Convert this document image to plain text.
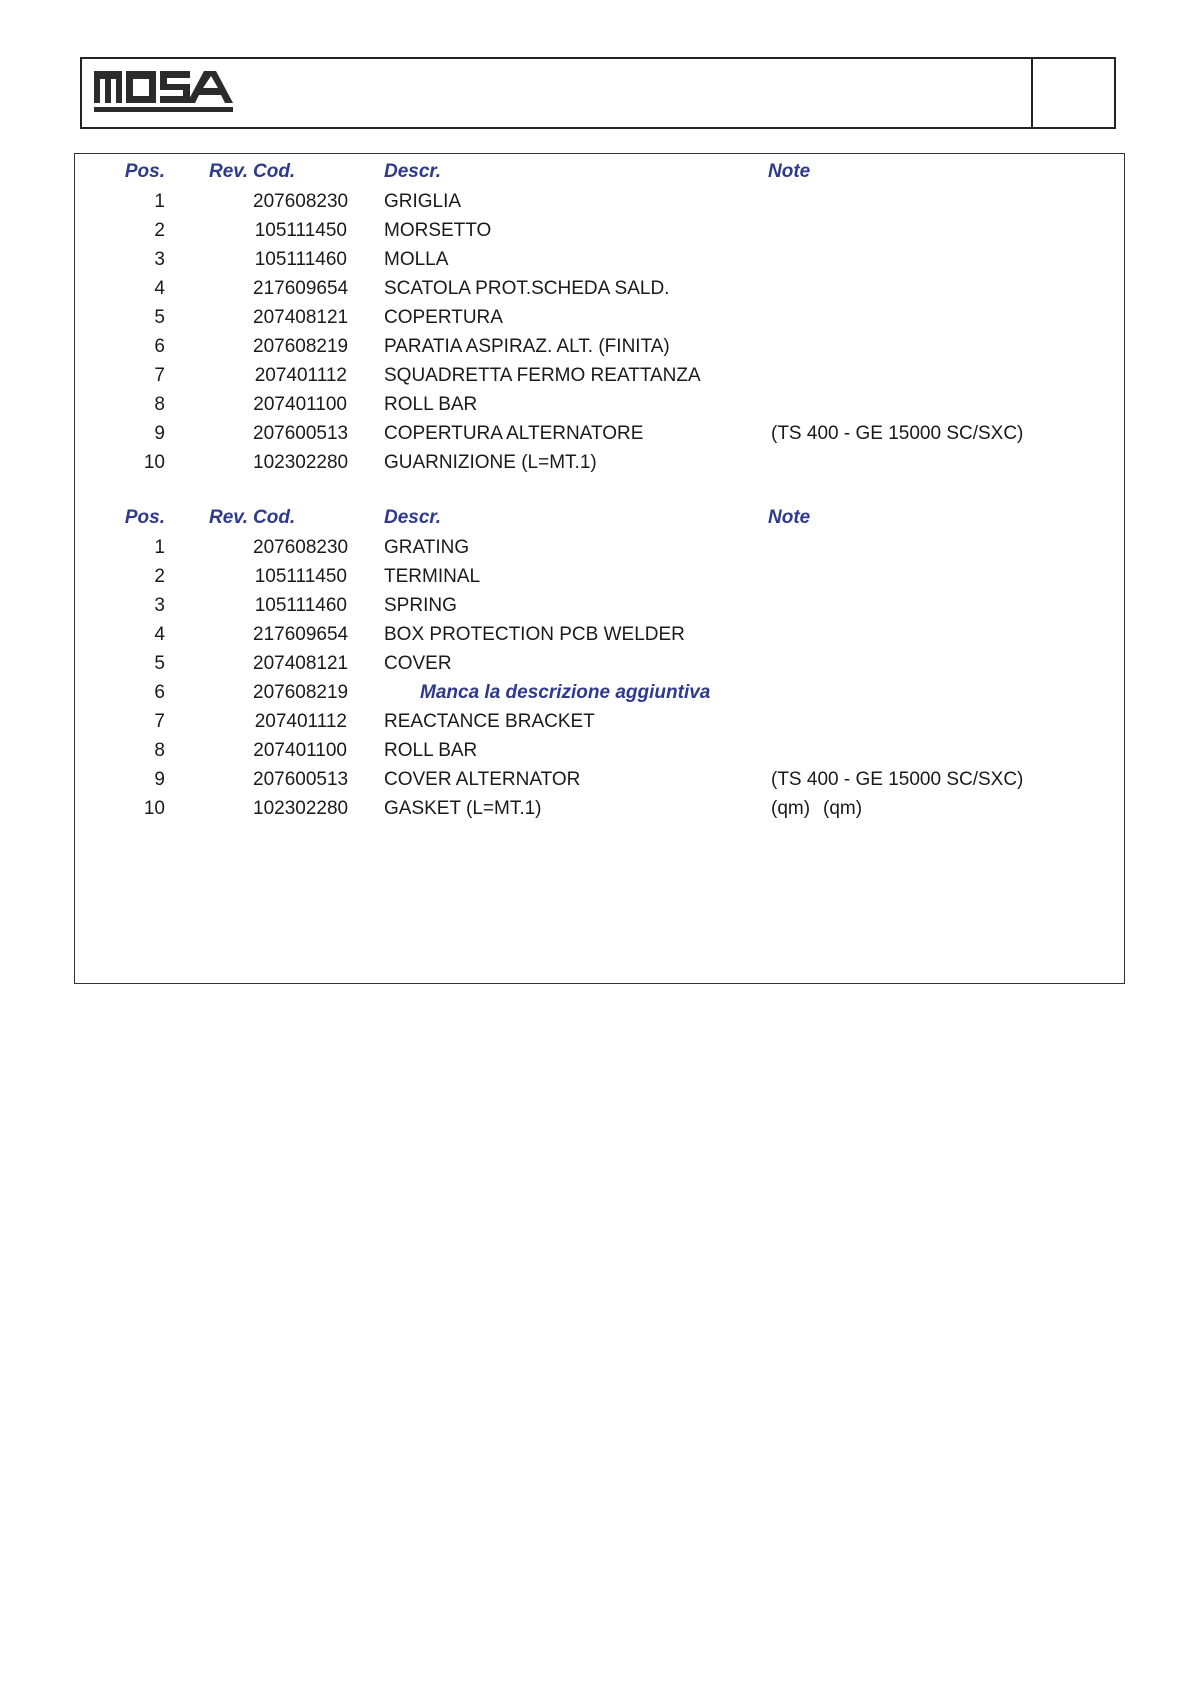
Pos. Rev. Cod.	Descr.	Note
1	207608230 GRIGLIA
2	105111450 MORSETTO
3	105111460 MOLLA
4	217609654 SCATOLA PROT.SCHEDA SALD.
5	207408121 COPERTURA
6	207608219 PARATIA ASPIRAZ. ALT. (FINITA)
7	207401112 SQUADRETTA FERMO REATTANZA
8	207401100 ROLL BAR
9	207600513 COPERTURA ALTERNATORE	(TS 400 - GE 15000 SC/SXC)
10	102302280 GUARNIZIONE (L=MT.1)
Pos. Rev. Cod.	Descr.	Note
1	207608230 GRATING
2	105111450 TERMINAL
3	105111460 SPRING
4	217609654 BOX PROTECTION PCB WELDER
5	207408121 COVER
6	207608219	Manca la descrizione aggiuntiva
7	207401112 REACTANCE BRACKET
8	207401100 ROLL BAR
9	207600513 COVER ALTERNATOR	(TS 400 - GE 15000 SC/SXC)
10	102302280 GASKET (L=MT.1)	(qm) (qm)
